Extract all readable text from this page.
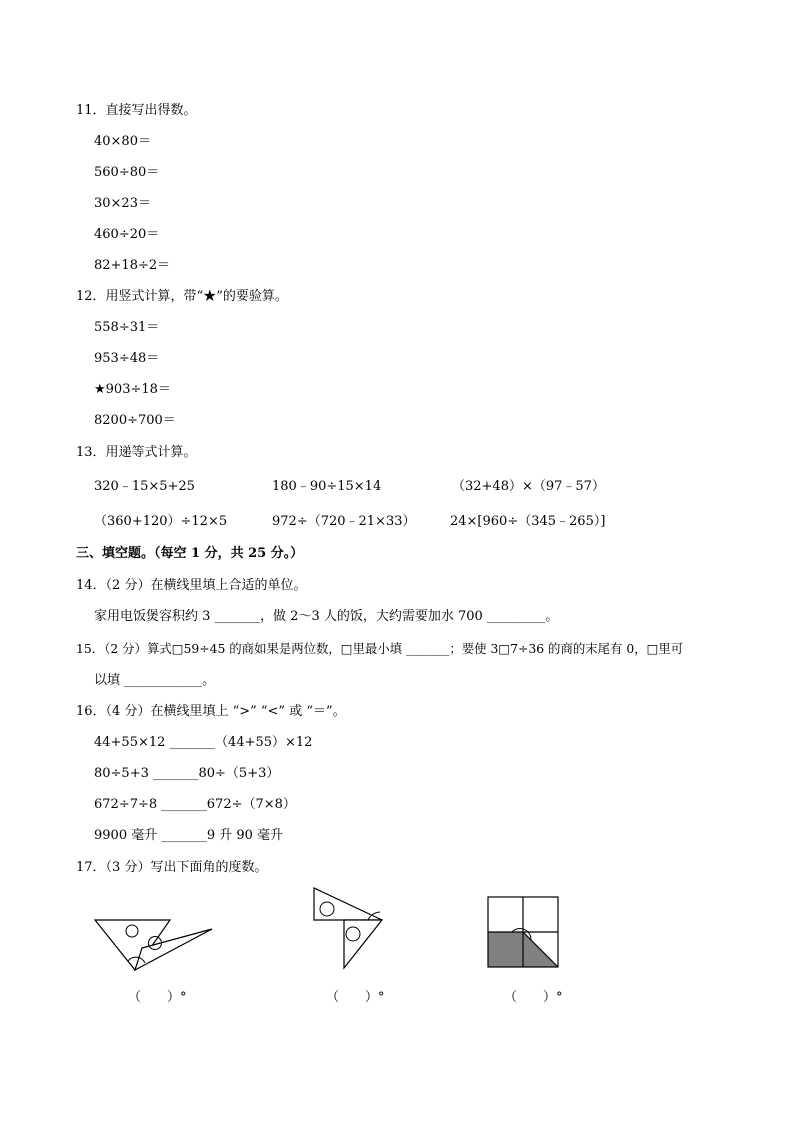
11．直接写出得数。
40×80＝
560÷80＝
30×23＝
460÷20＝
82+18÷2＝
12．用竖式计算，带“★”的要验算。
558÷31＝
953÷48＝
★903÷18＝
8200÷700＝
13．用递等式计算。
320﹣15×5+25	180﹣90÷15×14	（32+48）×（97﹣57）
（360+120）÷12×5	972÷（720﹣21×33）	24×[960÷（345﹣265）]
三、填空题。（每空 1 分，共 25 分。）
14．（2 分）在横线里填上合适的单位。
家用电饭煲容积约 3 _______，做 2～3 人的饭，大约需要加水 700 _________。
15．（2 分）算式□59÷45 的商如果是两位数，□里最小填 _______；要使 3□7÷36 的商的末尾有 0，□里可
以填 ____________。
16．（4 分）在横线里填上 “>” “<” 或 “＝”。
44+55×12 _______（44+55）×12
80÷5+3 _______80÷（5+3）
672÷7÷8 _______672÷（7×8）
9900 毫升 _______9 升 90 毫升
17．（3 分）写出下面角的度数。
（　　）°	（　　）°	（　　）°
